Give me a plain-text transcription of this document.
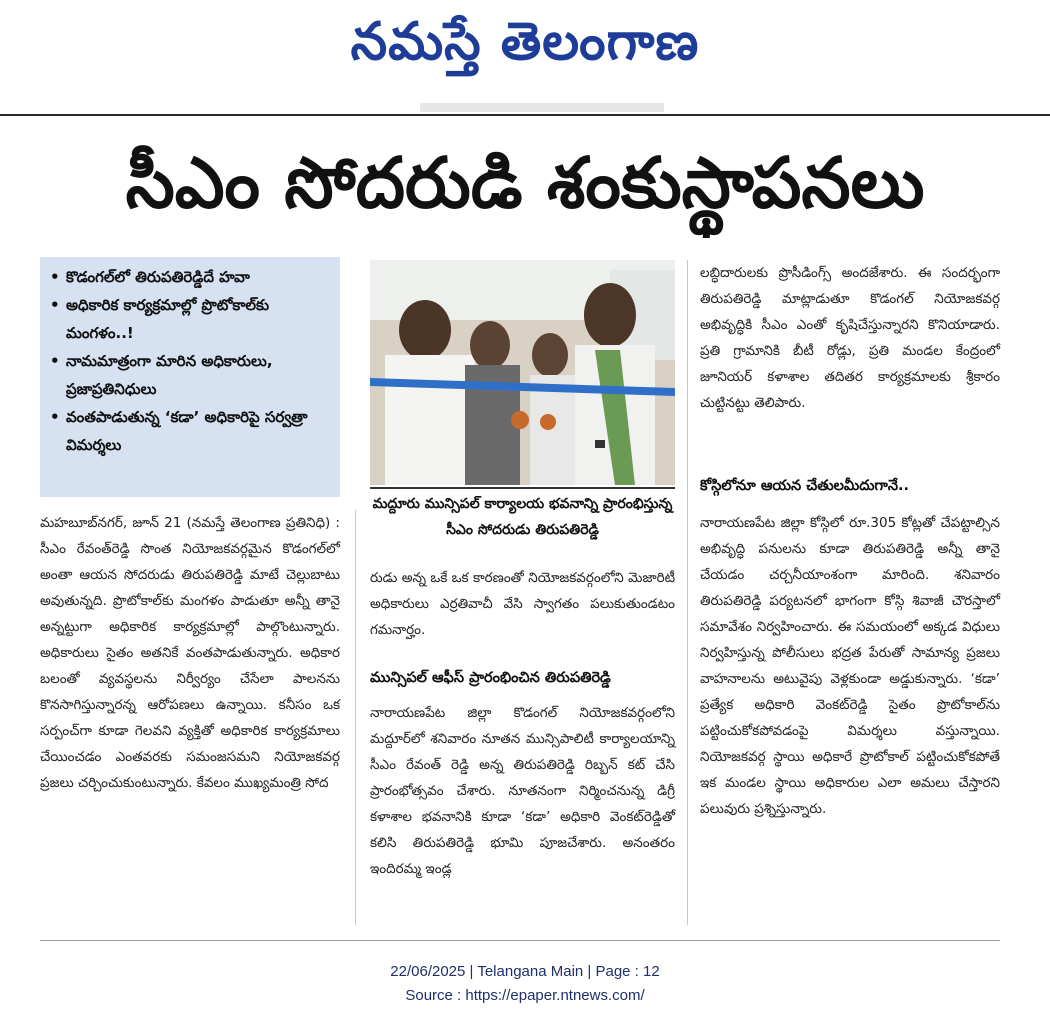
నమస్తే తెలంగాణ
సీఎం సోదరుడి శంకుస్థాపనలు
• కొడంగల్‌లో తిరుపతిరెడ్డిదే హవా
• అధికారిక కార్యక్రమాల్లో ప్రొటోకాల్‌కు మంగళం..!
• నామమాత్రంగా మారిన అధికారులు, ప్రజాప్రతినిధులు
• వంతపాడుతున్న ‘కడా’ అధికారిపై సర్వత్రా విమర్శలు
మద్దూరు మున్సిపల్ కార్యాలయ భవనాన్ని ప్రారంభిస్తున్న సీఎం సోదరుడు తిరుపతిరెడ్డి

మహబూబ్‌నగర్, జూన్ 21 (నమస్తే తెలంగాణ ప్రతినిధి) : సీఎం రేవంత్‌రెడ్డి సొంత నియోజకవర్గమైన కొడంగల్‌లో అంతా ఆయన సోదరుడు తిరుపతిరెడ్డి మాటే చెల్లుబాటు అవుతున్నది. ప్రొటోకాల్‌కు మంగళం పాడుతూ అన్నీ తానై అన్నట్టుగా అధికారిక కార్యక్రమాల్లో పాల్గొంటున్నారు. అధికారులు సైతం అతనికే వంతపాడుతున్నారు. అధికార బలంతో వ్యవస్థలను నిర్వీర్యం చేసేలా పాలనను కొనసాగిస్తున్నారన్న ఆరోపణలు ఉన్నాయి. కనీసం ఒక సర్పంచ్‌గా కూడా గెలవని వ్యక్తితో అధికారిక కార్యక్రమాలు చేయించడం ఎంతవరకు సమంజసమని నియోజకవర్గ ప్రజలు చర్చించుకుంటున్నారు. కేవలం ముఖ్యమంత్రి సోద

రుడు అన్న ఒకే ఒక కారణంతో నియోజకవర్గంలోని మెజారిటీ అధికారులు ఎర్రతివాచీ వేసి స్వాగతం పలుకుతుండటం గమనార్హం.

మున్సిపల్ ఆఫీస్ ప్రారంభించిన తిరుపతిరెడ్డి

నారాయణపేట జిల్లా కొడంగల్ నియోజకవర్గంలోని మద్దూర్‌లో శనివారం నూతన మున్సిపాలిటీ కార్యాలయాన్ని సీఎం రేవంత్ రెడ్డి అన్న తిరుపతిరెడ్డి రిబ్బన్ కట్ చేసి ప్రారంభోత్సవం చేశారు. నూతనంగా నిర్మించనున్న డిగ్రీ కళాశాల భవనానికి కూడా ‘కడా’ అధికారి వెంకట్‌రెడ్డితో కలిసి తిరుపతిరెడ్డి భూమి పూజచేశారు. అనంతరం ఇందిరమ్మ ఇండ్ల

లబ్ధిదారులకు ప్రొసీడింగ్స్ అందజేశారు. ఈ సందర్భంగా తిరుపతిరెడ్డి మాట్లాడుతూ కొడంగల్ నియోజకవర్గ అభివృద్ధికి సీఎం ఎంతో కృషిచేస్తున్నారని కొనియాడారు. ప్రతి గ్రామానికి బీటీ రోడ్లు, ప్రతి మండల కేంద్రంలో జూనియర్ కళాశాల తదితర కార్యక్రమాలకు శ్రీకారం చుట్టినట్టు తెలిపారు.

కోస్గిలోనూ ఆయన చేతులమీదుగానే..

నారాయణపేట జిల్లా కోస్గిలో రూ.305 కోట్లతో చేపట్టాల్సిన అభివృద్ధి పనులను కూడా తిరుపతిరెడ్డి అన్నీ తానై చేయడం చర్చనీయాంశంగా మారింది. శనివారం తిరుపతిరెడ్డి పర్యటనలో భాగంగా కోస్గి శివాజీ చౌరస్తాలో సమావేశం నిర్వహించారు. ఈ సమయంలో అక్కడ విధులు నిర్వహిస్తున్న పోలీసులు భద్రత పేరుతో సామాన్య ప్రజలు వాహనాలను అటువైపు వెళ్లకుండా అడ్డుకున్నారు. ‘కడా’ ప్రత్యేక అధికారి వెంకట్‌రెడ్డి సైతం ప్రొటోకాల్‌ను పట్టించుకోకపోవడంపై విమర్శలు వస్తున్నాయి. నియోజకవర్గ స్థాయి అధికారే ప్రొటోకాల్ పట్టించుకోకపోతే ఇక మండల స్థాయి అధికారుల ఎలా అమలు చేస్తారని పలువురు ప్రశ్నిస్తున్నారు.

22/06/2025 | Telangana Main | Page : 12
Source : https://epaper.ntnews.com/
